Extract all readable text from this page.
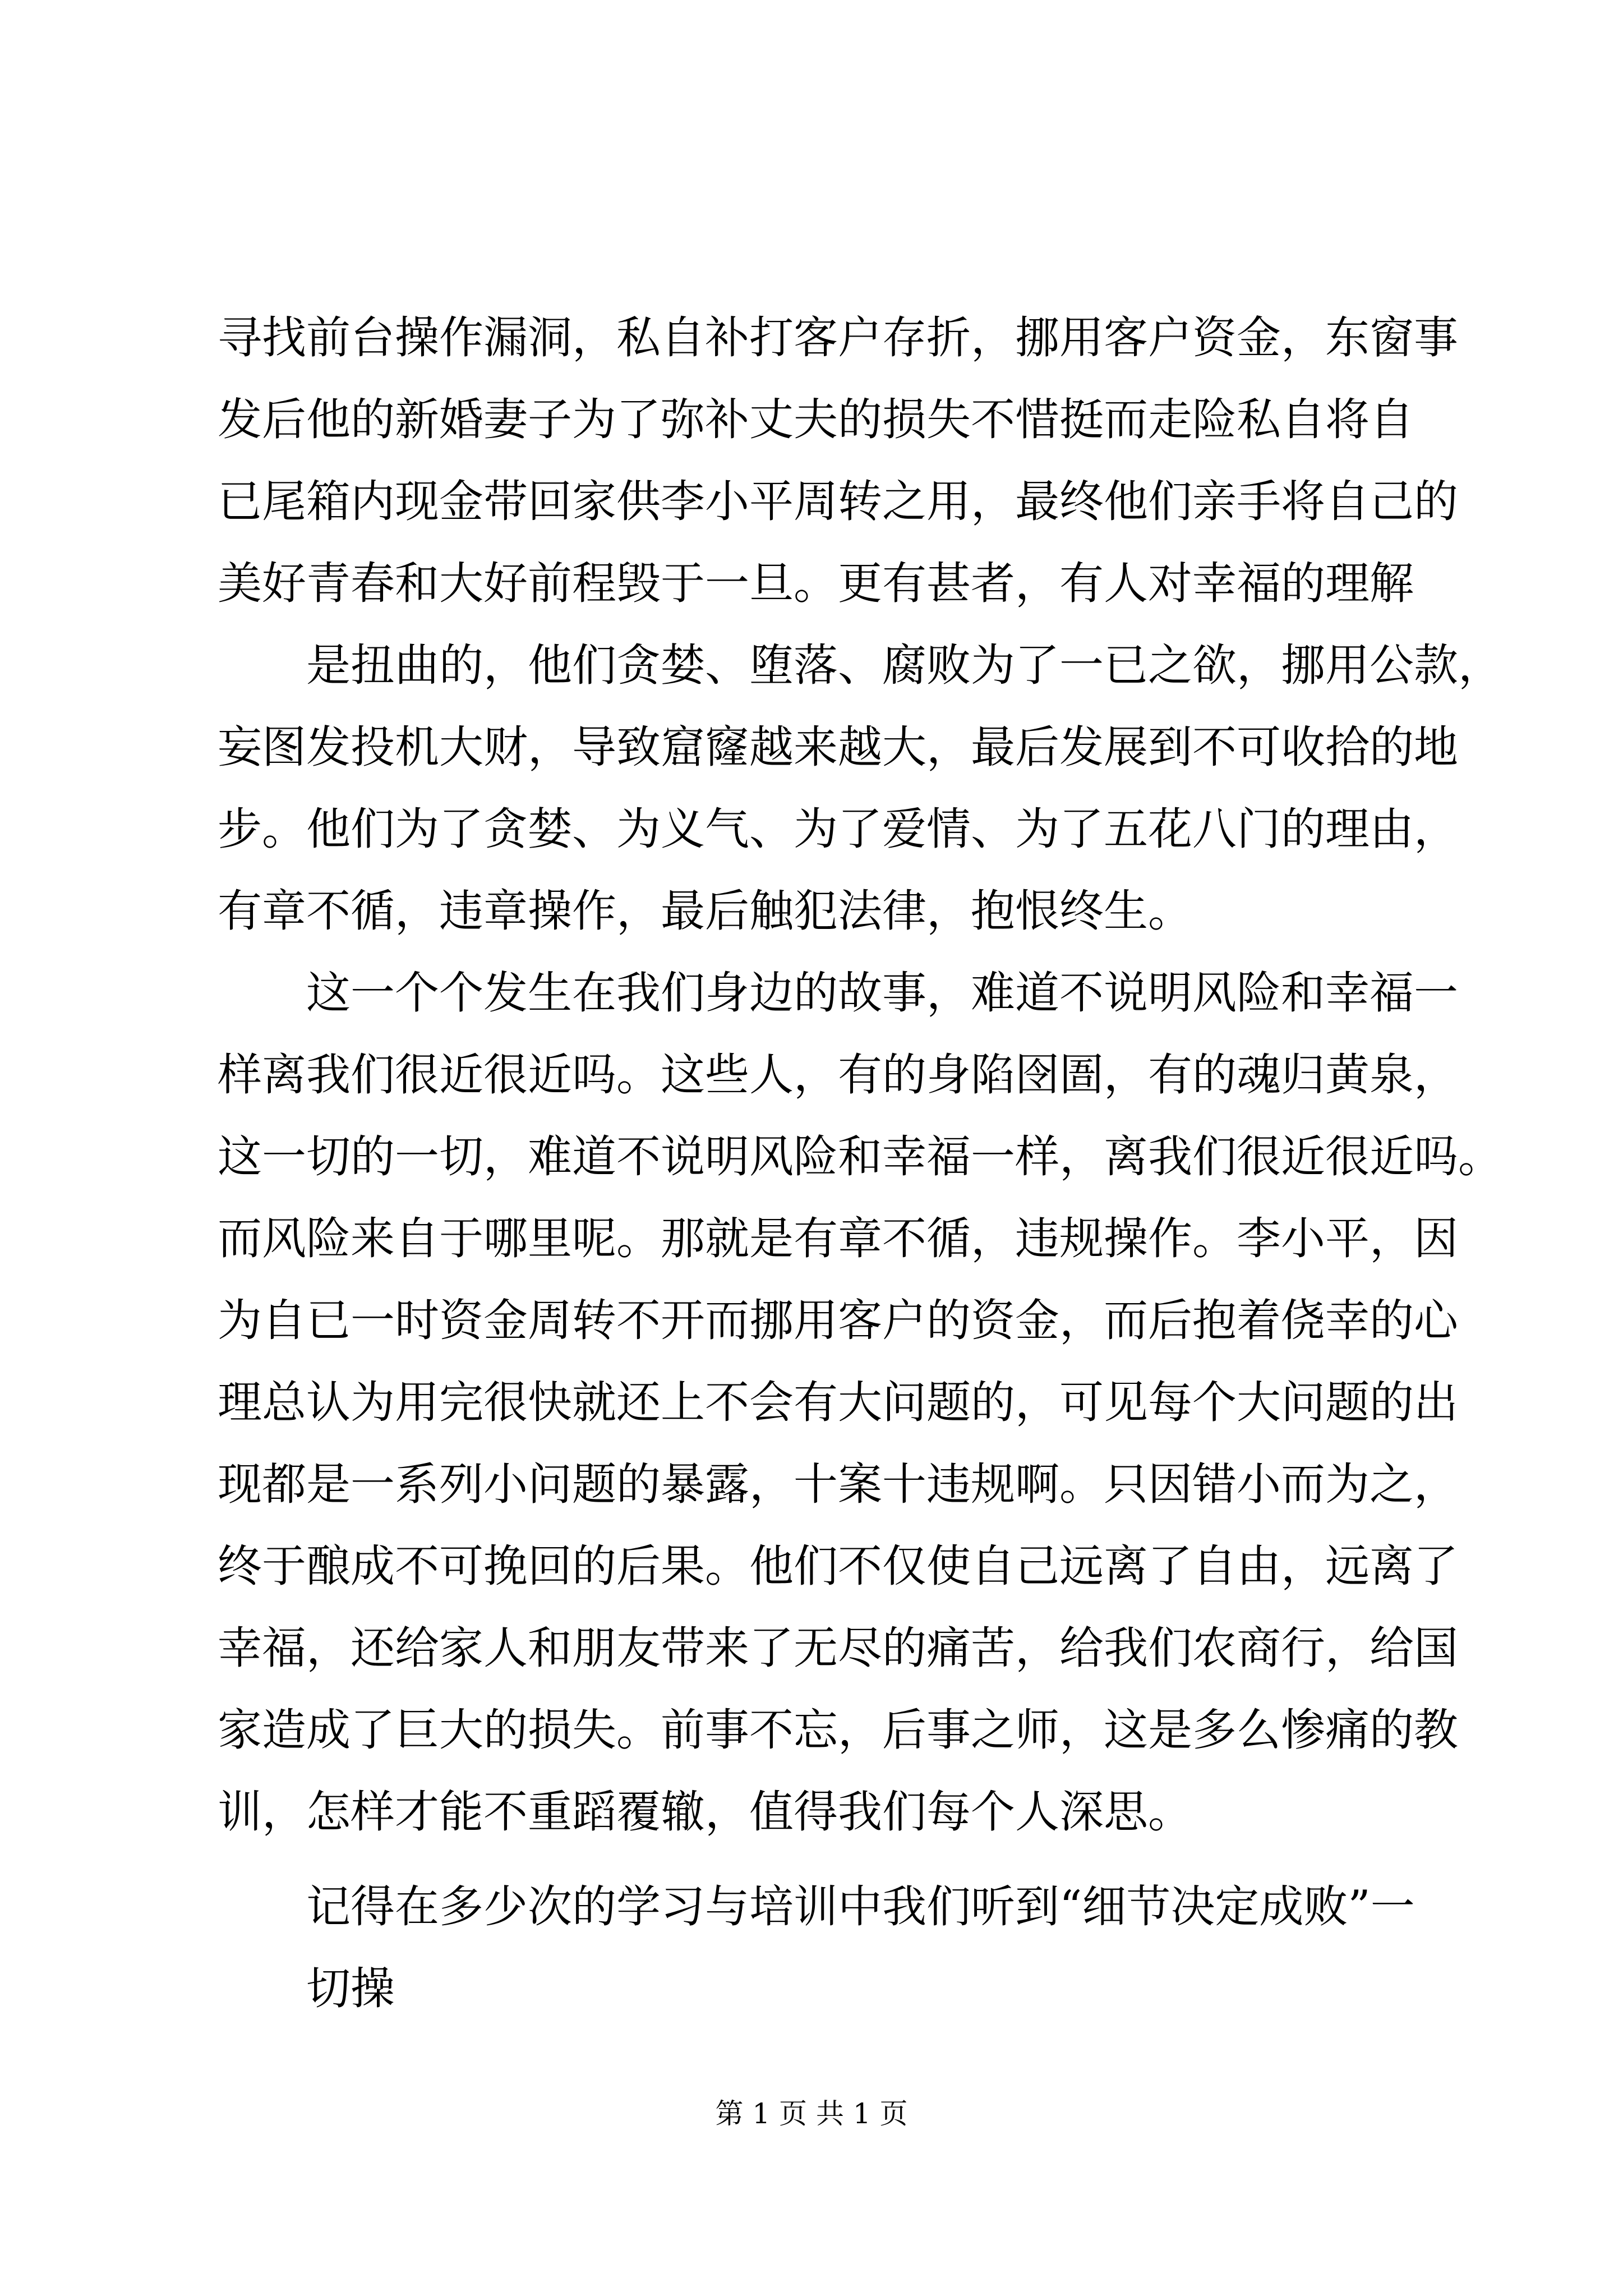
寻找前台操作漏洞，私自补打客户存折，挪用客户资金，东窗事
发后他的新婚妻子为了弥补丈夫的损失不惜挺而走险私自将自
已尾箱内现金带回家供李小平周转之用，最终他们亲手将自己的
美好青春和大好前程毁于一旦。更有甚者，有人对幸福的理解
是扭曲的，他们贪婪、堕落、腐败为了一已之欲，挪用公款，
妄图发投机大财，导致窟窿越来越大，最后发展到不可收拾的地
步。他们为了贪婪、为义气、为了爱情、为了五花八门的理由，
有章不循，违章操作，最后触犯法律，抱恨终生。
这一个个发生在我们身边的故事，难道不说明风险和幸福一
样离我们很近很近吗。这些人，有的身陷囹圄，有的魂归黄泉，
这一切的一切，难道不说明风险和幸福一样，离我们很近很近吗。
而风险来自于哪里呢。那就是有章不循，违规操作。李小平，因
为自已一时资金周转不开而挪用客户的资金，而后抱着侥幸的心
理总认为用完很快就还上不会有大问题的，可见每个大问题的出
现都是一系列小问题的暴露，十案十违规啊。只因错小而为之，
终于酿成不可挽回的后果。他们不仅使自己远离了自由，远离了
幸福，还给家人和朋友带来了无尽的痛苦，给我们农商行，给国
家造成了巨大的损失。前事不忘，后事之师，这是多么惨痛的教
训，怎样才能不重蹈覆辙，值得我们每个人深思。
记得在多少次的学习与培训中我们听到“细节决定成败”一切操
第 1 页 共 1 页
